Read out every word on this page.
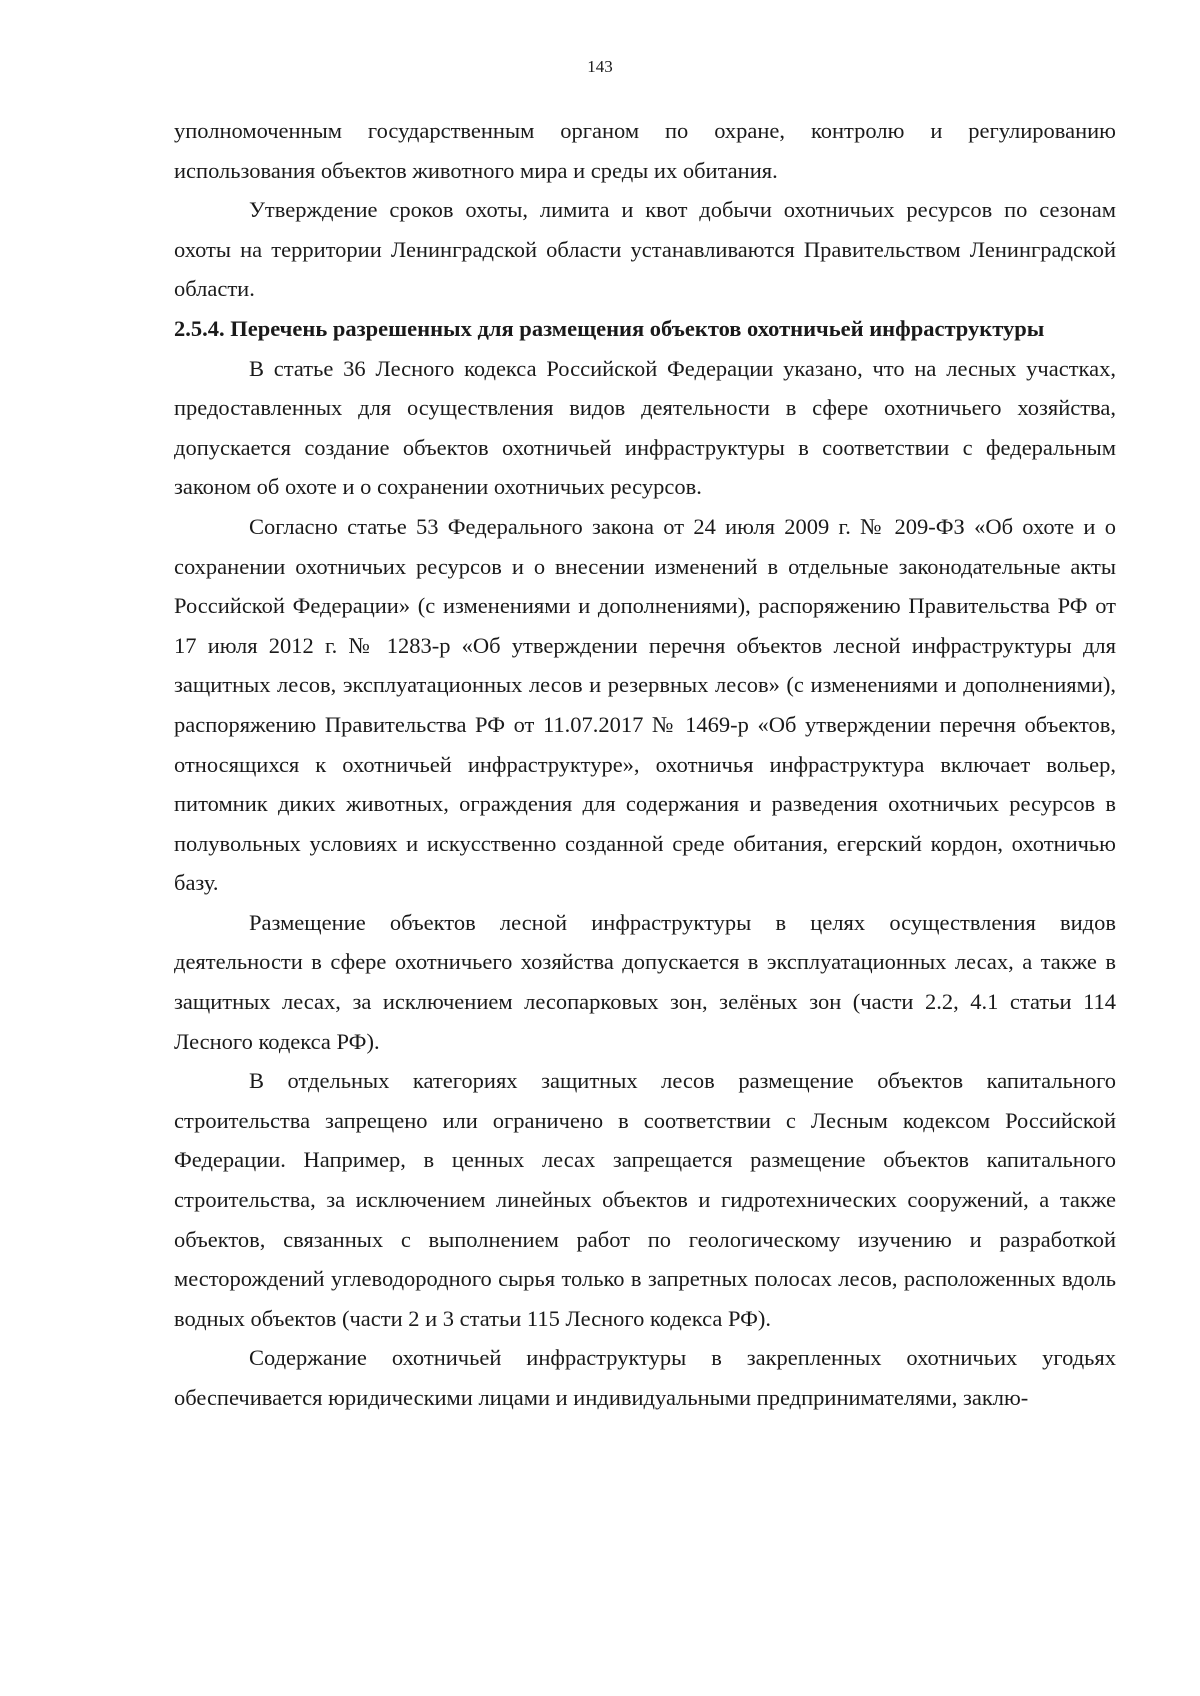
143

уполномоченным государственным органом по охране, контролю и регулированию использования объектов животного мира и среды их обитания.

Утверждение сроков охоты, лимита и квот добычи охотничьих ресурсов по сезонам охоты на территории Ленинградской области устанавливаются Правительством Ленинградской области.

2.5.4. Перечень разрешенных для размещения объектов охотничьей инфраструктуры

В статье 36 Лесного кодекса Российской Федерации указано, что на лесных участках, предоставленных для осуществления видов деятельности в сфере охотничьего хозяйства, допускается создание объектов охотничьей инфраструктуры в соответствии с федеральным законом об охоте и о сохранении охотничьих ресурсов.

Согласно статье 53 Федерального закона от 24 июля 2009 г. № 209-ФЗ «Об охоте и о сохранении охотничьих ресурсов и о внесении изменений в отдельные законодательные акты Российской Федерации» (с изменениями и дополнениями), распоряжению Правительства РФ от 17 июля 2012 г. № 1283-р «Об утверждении перечня объектов лесной инфраструктуры для защитных лесов, эксплуатационных лесов и резервных лесов» (с изменениями и дополнениями), распоряжению Правительства РФ от 11.07.2017 № 1469-р «Об утверждении перечня объектов, относящихся к охотничьей инфраструктуре», охотничья инфраструктура включает вольер, питомник диких животных, ограждения для содержания и разведения охотничьих ресурсов в полувольных условиях и искусственно созданной среде обитания, егерский кордон, охотничью базу.

Размещение объектов лесной инфраструктуры в целях осуществления видов деятельности в сфере охотничьего хозяйства допускается в эксплуатационных лесах, а также в защитных лесах, за исключением лесопарковых зон, зелёных зон (части 2.2, 4.1 статьи 114 Лесного кодекса РФ).

В отдельных категориях защитных лесов размещение объектов капитального строительства запрещено или ограничено в соответствии с Лесным кодексом Российской Федерации. Например, в ценных лесах запрещается размещение объектов капитального строительства, за исключением линейных объектов и гидротехнических сооружений, а также объектов, связанных с выполнением работ по геологическому изучению и разработкой месторождений углеводородного сырья только в запретных полосах лесов, расположенных вдоль водных объектов (части 2 и 3 статьи 115 Лесного кодекса РФ).

Содержание охотничьей инфраструктуры в закрепленных охотничьих угодьях обеспечивается юридическими лицами и индивидуальными предпринимателями, заклю-
